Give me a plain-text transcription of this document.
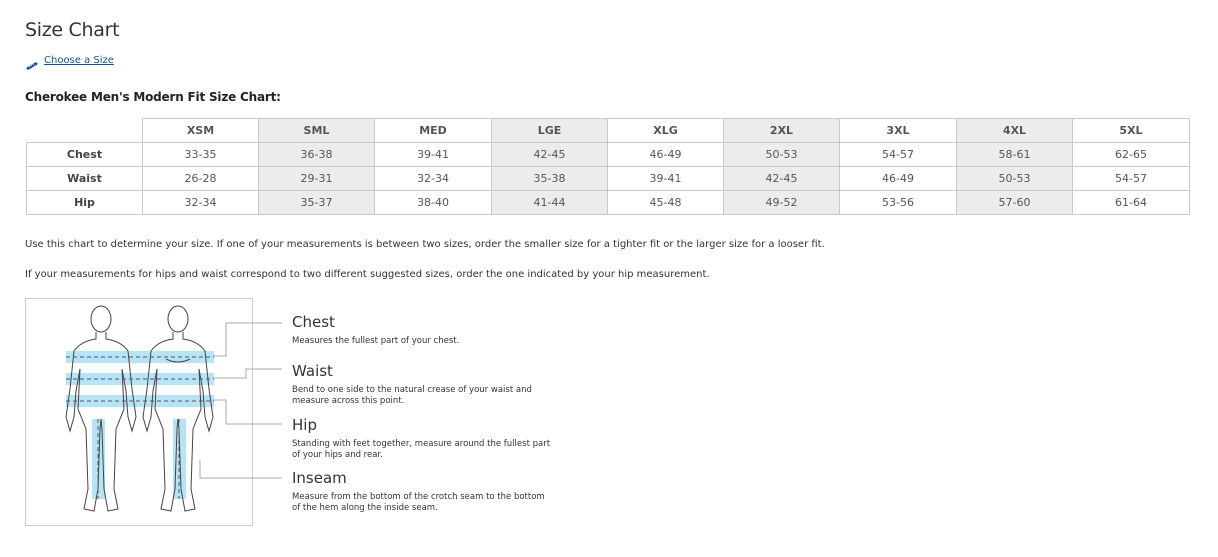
Size Chart
Choose a Size
Cherokee Men's Modern Fit Size Chart:
	XSM	SML	MED	LGE	XLG	2XL	3XL	4XL	5XL
Chest	33-35	36-38	39-41	42-45	46-49	50-53	54-57	58-61	62-65
Waist	26-28	29-31	32-34	35-38	39-41	42-45	46-49	50-53	54-57
Hip	32-34	35-37	38-40	41-44	45-48	49-52	53-56	57-60	61-64

Use this chart to determine your size. If one of your measurements is between two sizes, order the smaller size for a tighter fit or the larger size for a looser fit.

If your measurements for hips and waist correspond to two different suggested sizes, order the one indicated by your hip measurement.

Chest

Measures the fullest part of your chest.

Waist

Bend to one side to the natural crease of your waist and measure across this point.

Hip

Standing with feet together, measure around the fullest part of your hips and rear.

Inseam

Measure from the bottom of the crotch seam to the bottom of the hem along the inside seam.
